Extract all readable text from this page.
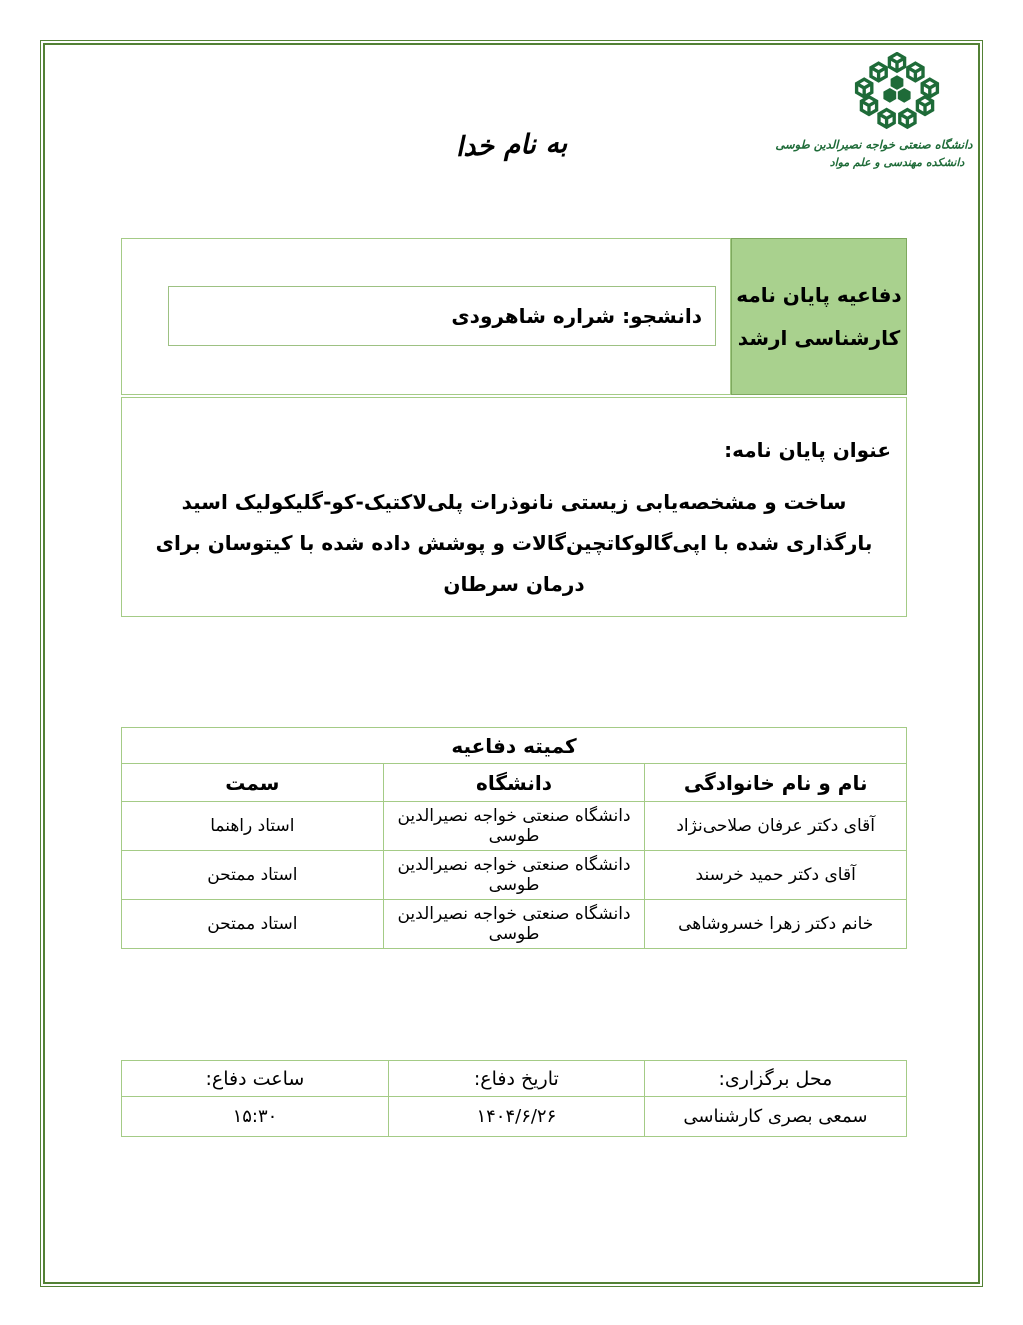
دانشگاه صنعتی خواجه نصیرالدین طوسی
دانشکده مهندسی و علم مواد
به نام خدا
دفاعیه پایان نامه
کارشناسی ارشد
دانشجو: شراره شاهرودی
عنوان پایان نامه:
ساخت و مشخصه‌یابی زیستی نانوذرات پلی‌لاکتیک-کو-گلیکولیک اسید بارگذاری شده با اپی‌گالوکاتچین‌گالات و پوشش داده شده با کیتوسان برای درمان سرطان
کمیته دفاعیه		
نام و نام خانوادگی	دانشگاه	سمت
آقای دکتر عرفان صلاحی‌نژاد	دانشگاه صنعتی خواجه نصیرالدین طوسی	استاد راهنما
آقای دکتر حمید خرسند	دانشگاه صنعتی خواجه نصیرالدین طوسی	استاد ممتحن
خانم دکتر زهرا خسروشاهی	دانشگاه صنعتی خواجه نصیرالدین طوسی	استاد ممتحن
محل برگزاری:	تاریخ دفاع:	ساعت دفاع:
سمعی بصری کارشناسی	۱۴۰۴/۶/۲۶	۱۵:۳۰
